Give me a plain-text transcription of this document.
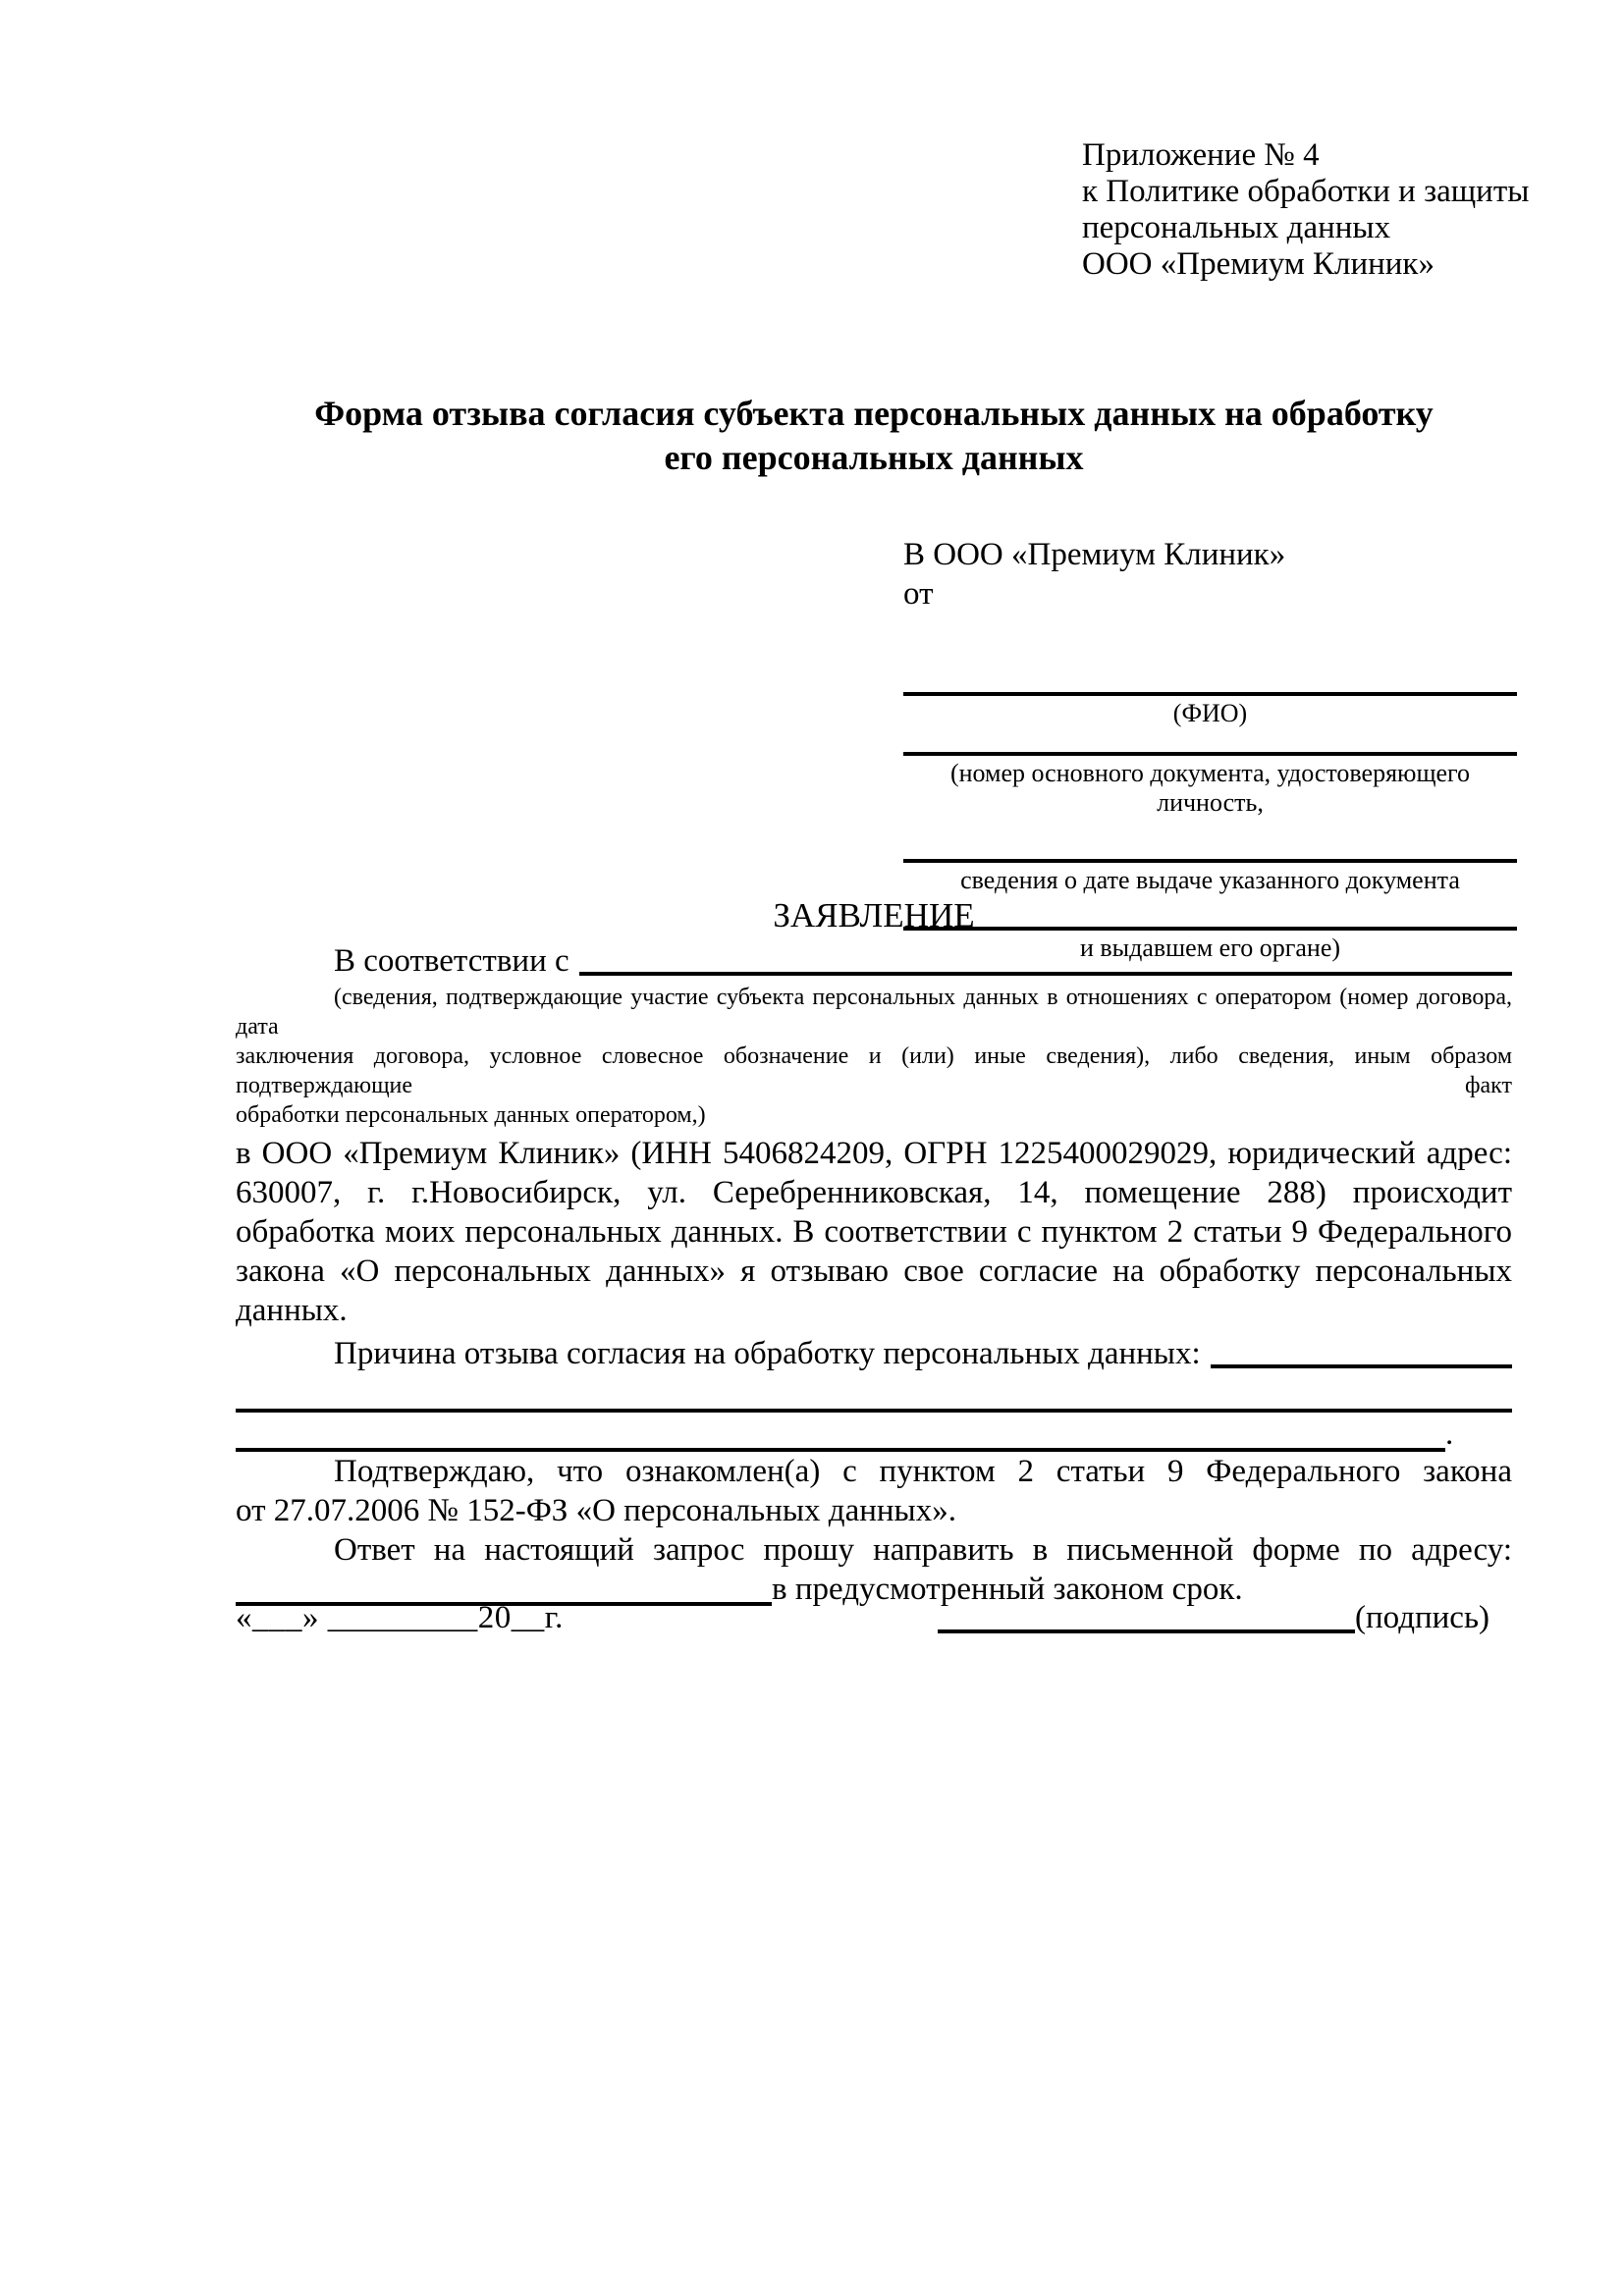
Приложение № 4
к Политике обработки и защиты
персональных данных
ООО «Премиум Клиник»
Форма отзыва согласия субъекта персональных данных на обработку
его персональных данных
В ООО «Премиум Клиник»
от
(ФИО)
(номер основного документа, удостоверяющего личность,
сведения о дате выдаче указанного документа
и выдавшем его органе)
ЗАЯВЛЕНИЕ
В соответствии с
(сведения, подтверждающие участие субъекта персональных данных в отношениях с оператором (номер договора, дата
заключения договора, условное словесное обозначение и (или) иные сведения), либо сведения, иным образом подтверждающие факт
обработки персональных данных оператором,)
в ООО «Премиум Клиник» (ИНН 5406824209, ОГРН 1225400029029, юридический адрес:
630007, г. г.Новосибирск, ул. Серебренниковская, 14, помещение 288) происходит
обработка моих персональных данных. В соответствии с пунктом 2 статьи 9 Федерального
закона «О персональных данных» я отзываю свое согласие на обработку персональных
данных.
Причина отзыва согласия на обработку персональных данных:
.
Подтверждаю, что ознакомлен(а) с пунктом 2 статьи 9 Федерального закона
от 27.07.2006 № 152-ФЗ «О персональных данных».
Ответ на настоящий запрос прошу направить в письменной форме по адресу:
в предусмотренный законом срок.
«___» _________20__г.	(подпись)
